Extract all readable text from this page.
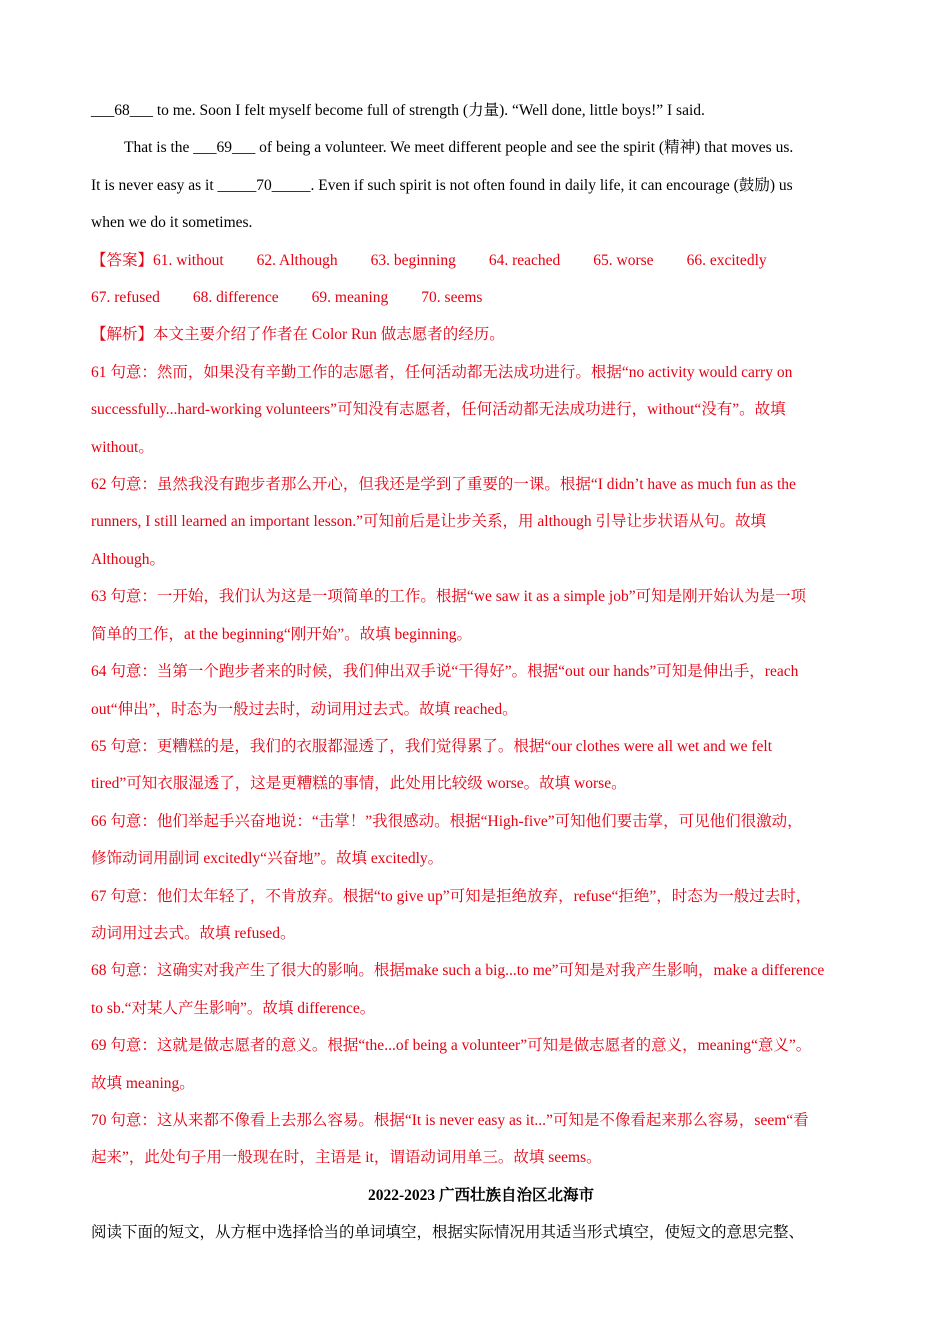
___68___ to me. Soon I felt myself become full of strength (力量). “Well done, little boys!” I said.

That is the ___69___ of being a volunteer. We meet different people and see the spirit (精神) that moves us.

It is never easy as it _____70_____. Even if such spirit is not often found in daily life, it can encourage (鼓励) us

when we do it sometimes.

【答案】 61. without 62. Although 63. beginning 64. reached 65. worse 66. excitedly
67. refused 68. difference 69. meaning 70. seems

【解析】本文主要介绍了作者在 Color Run 做志愿者的经历。

61 句意：然而，如果没有辛勤工作的志愿者，任何活动都无法成功进行。根据“no activity would carry on

successfully...hard-working volunteers”可知没有志愿者，任何活动都无法成功进行，without“没有”。故填

without。

62 句意：虽然我没有跑步者那么开心，但我还是学到了重要的一课。根据“I didn’t have as much fun as the

runners, I still learned an important lesson.”可知前后是让步关系，用 although 引导让步状语从句。故填

Although。

63 句意：一开始，我们认为这是一项简单的工作。根据“we saw it as a simple job”可知是刚开始认为是一项

简单的工作，at the beginning“刚开始”。故填 beginning。

64 句意：当第一个跑步者来的时候，我们伸出双手说“干得好”。根据“out our hands”可知是伸出手，reach

out“伸出”，时态为一般过去时，动词用过去式。故填 reached。

65 句意：更糟糕的是，我们的衣服都湿透了，我们觉得累了。根据“our clothes were all wet and we felt

tired”可知衣服湿透了，这是更糟糕的事情，此处用比较级 worse。故填 worse。

66 句意：他们举起手兴奋地说：“击掌！”我很感动。根据“High-five”可知他们要击掌，可见他们很激动，

修饰动词用副词 excitedly“兴奋地”。故填 excitedly。

67 句意：他们太年轻了，不肯放弃。根据“to give up”可知是拒绝放弃，refuse“拒绝”，时态为一般过去时，

动词用过去式。故填 refused。

68 句意：这确实对我产生了很大的影响。根据make such a big...to me”可知是对我产生影响，make a difference

to sb.“对某人产生影响”。故填 difference。

69 句意：这就是做志愿者的意义。根据“the...of being a volunteer”可知是做志愿者的意义，meaning“意义”。

故填 meaning。

70 句意：这从来都不像看上去那么容易。根据“It is never easy as it...”可知是不像看起来那么容易，seem“看

起来”，此处句子用一般现在时，主语是 it，谓语动词用单三。故填 seems。

2022-2023 广西壮族自治区北海市

阅读下面的短文，从方框中选择恰当的单词填空，根据实际情况用其适当形式填空，使短文的意思完整、
